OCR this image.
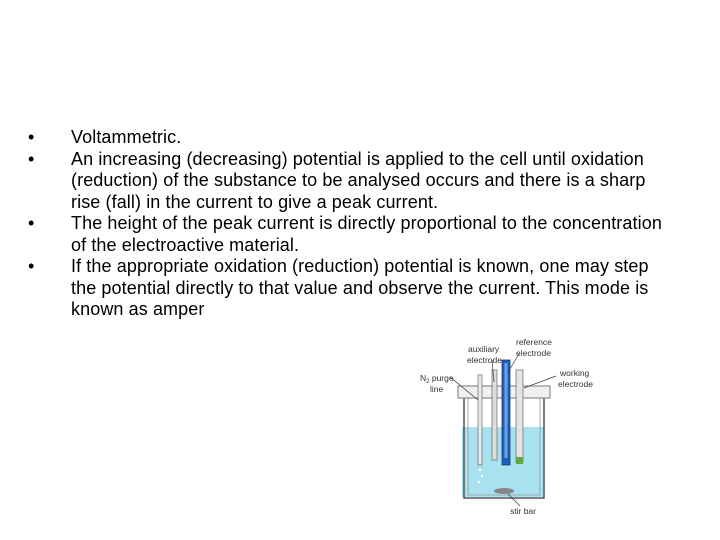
• Voltammetric.
• An increasing (decreasing) potential is applied to the cell until oxidation (reduction) of the substance to be analysed occurs and there is a sharp rise (fall) in the current to give a peak current.
• The height of the peak current is directly proportional to the concentration of the electroactive material.
• If the appropriate oxidation (reduction) potential is known, one may step the potential directly to that value and observe the current. This mode is known as amper
reference
electrode
auxiliary
electrode
$N_2$ purge
line
working
electrode
stir bar
